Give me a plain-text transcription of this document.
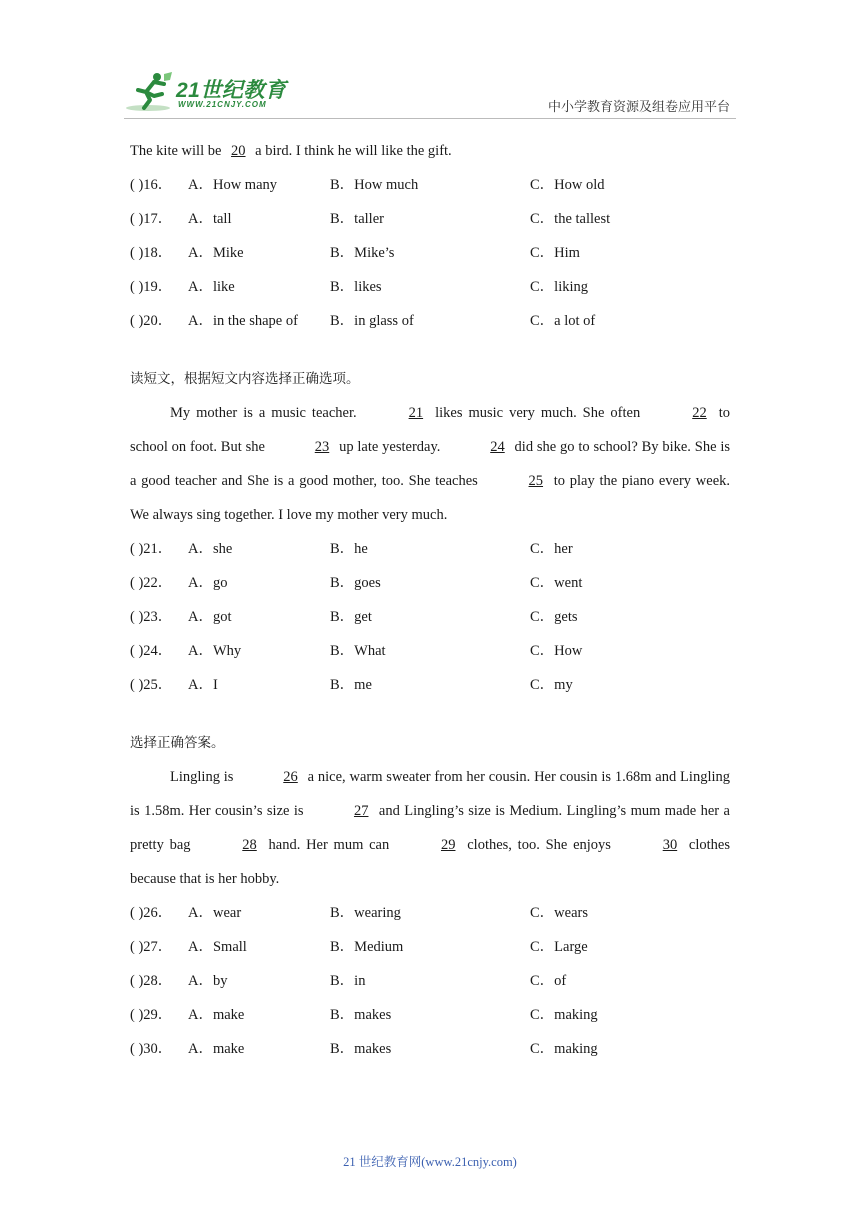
21世纪教育
WWW.21CNJY.COM	中小学教育资源及组卷应用平台
The kite will be 20 a bird. I think he will like the gift.
( )16． A．How many	B．How much	C．How old
( )17． A．tall	B．taller	C．the tallest
( )18． A．Mike	B．Mike’s	C．Him
( )19． A．like	B．likes	C．liking
( )20． A．in the shape of B．in glass of	C．a lot of
读短文，根据短文内容选择正确选项。

My mother is a music teacher.	21 likes music very much. She often	22 to school on foot. But she	23 up late yesterday.	24 did she go to school? By bike. She is a good teacher and She is a good mother, too. She teaches	25 to play the piano every week. We always sing together. I love my mother very much.

( )21． A．she	B．he	C．her
( )22． A．go	B．goes	C．went
( )23． A．got	B．get	C．gets
( )24． A．Why	B．What	C．How
( )25． A．I	B．me	C．my
选择正确答案。

Lingling is	26 a nice, warm sweater from her cousin. Her cousin is 1.68m and Lingling is 1.58m. Her cousin’s size is	27 and Lingling’s size is Medium. Lingling’s mum made her a pretty bag	28 hand. Her mum can	29 clothes, too. She enjoys	30 clothes because that is her hobby.

( )26． A．wear	B．wearing	C．wears
( )27． A．Small	B．Medium	C．Large
( )28． A．by	B．in	C．of
( )29． A．make	B．makes	C．making
( )30． A．make	B．makes	C．making
21 世纪教育网(www.21cnjy.com)
